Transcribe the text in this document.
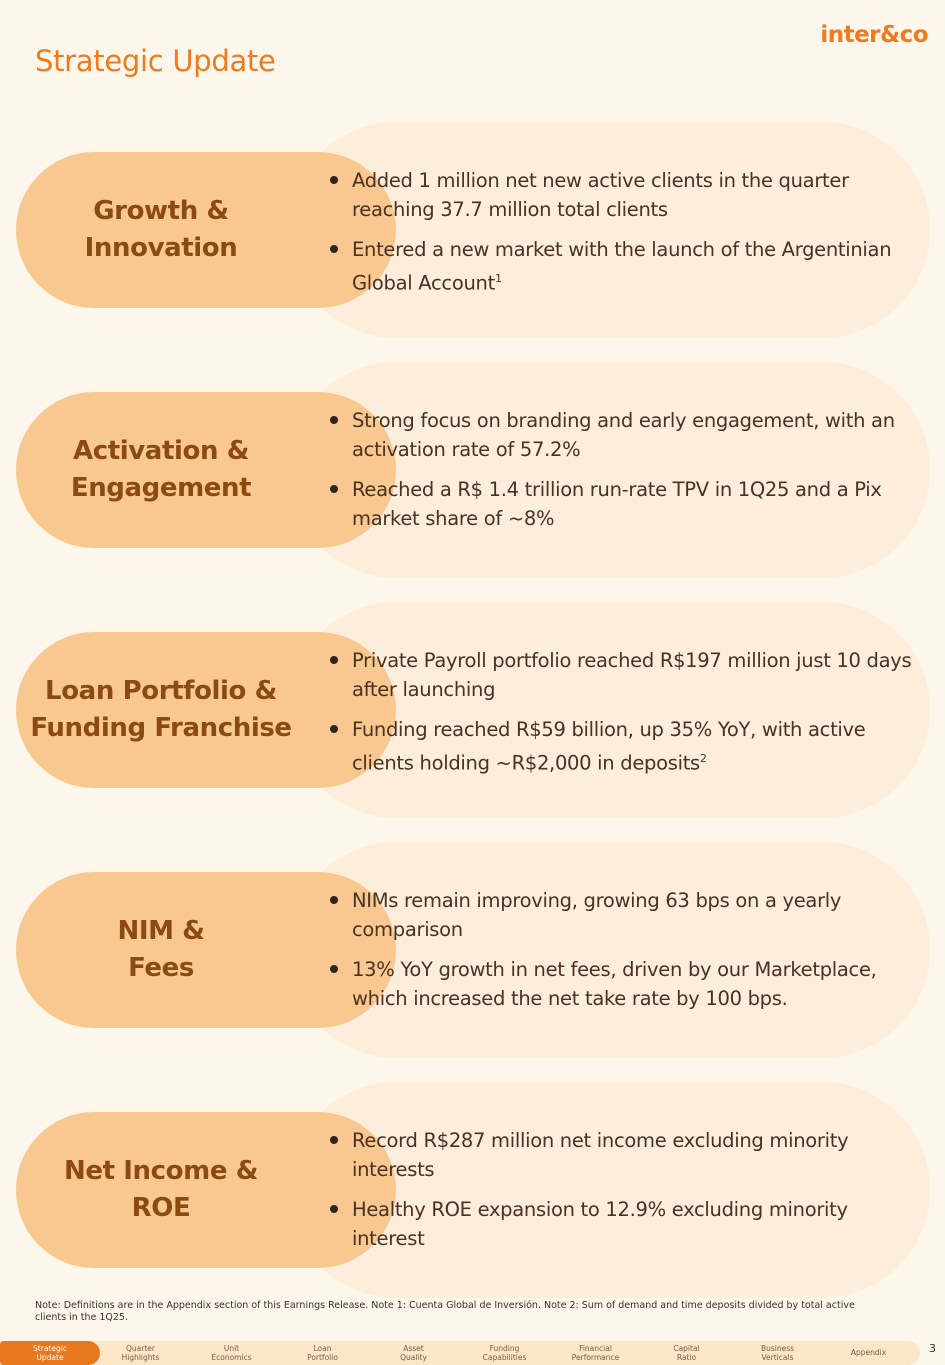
inter&co
Strategic Update
Growth &
Innovation
Added 1 million net new active clients in the quarter reaching 37.7 million total clients
Entered a new market with the launch of the Argentinian Global Account$^1$
Activation &
Engagement
Strong focus on branding and early engagement, with an activation rate of 57.2%
Reached a R$ 1.4 trillion run-rate TPV in 1Q25 and a Pix market share of ~8%
Loan Portfolio &
Funding Franchise
Private Payroll portfolio reached R$197 million just 10 days after launching
Funding reached R$59 billion, up 35% YoY, with active clients holding ~R$2,000 in deposits$^2$
NIM &
Fees
NIMs remain improving, growing 63 bps on a yearly comparison
13% YoY growth in net fees, driven by our Marketplace, which increased the net take rate by 100 bps.
Net Income &
ROE
Record R$287 million net income excluding minority interests
Healthy ROE expansion to 12.9% excluding minority interest
Note: Definitions are in the Appendix section of this Earnings Release. Note 1: Cuenta Global de Inversión. Note 2: Sum of demand and time deposits divided by total active clients in the 1Q25.
Strategic
Update
Quarter
Highlights
Unit
Economics
Loan
Portfolio
Asset
Quality
Funding
Capabilities
Financial
Performance
Capital
Ratio
Business
Verticals
Appendix	3
